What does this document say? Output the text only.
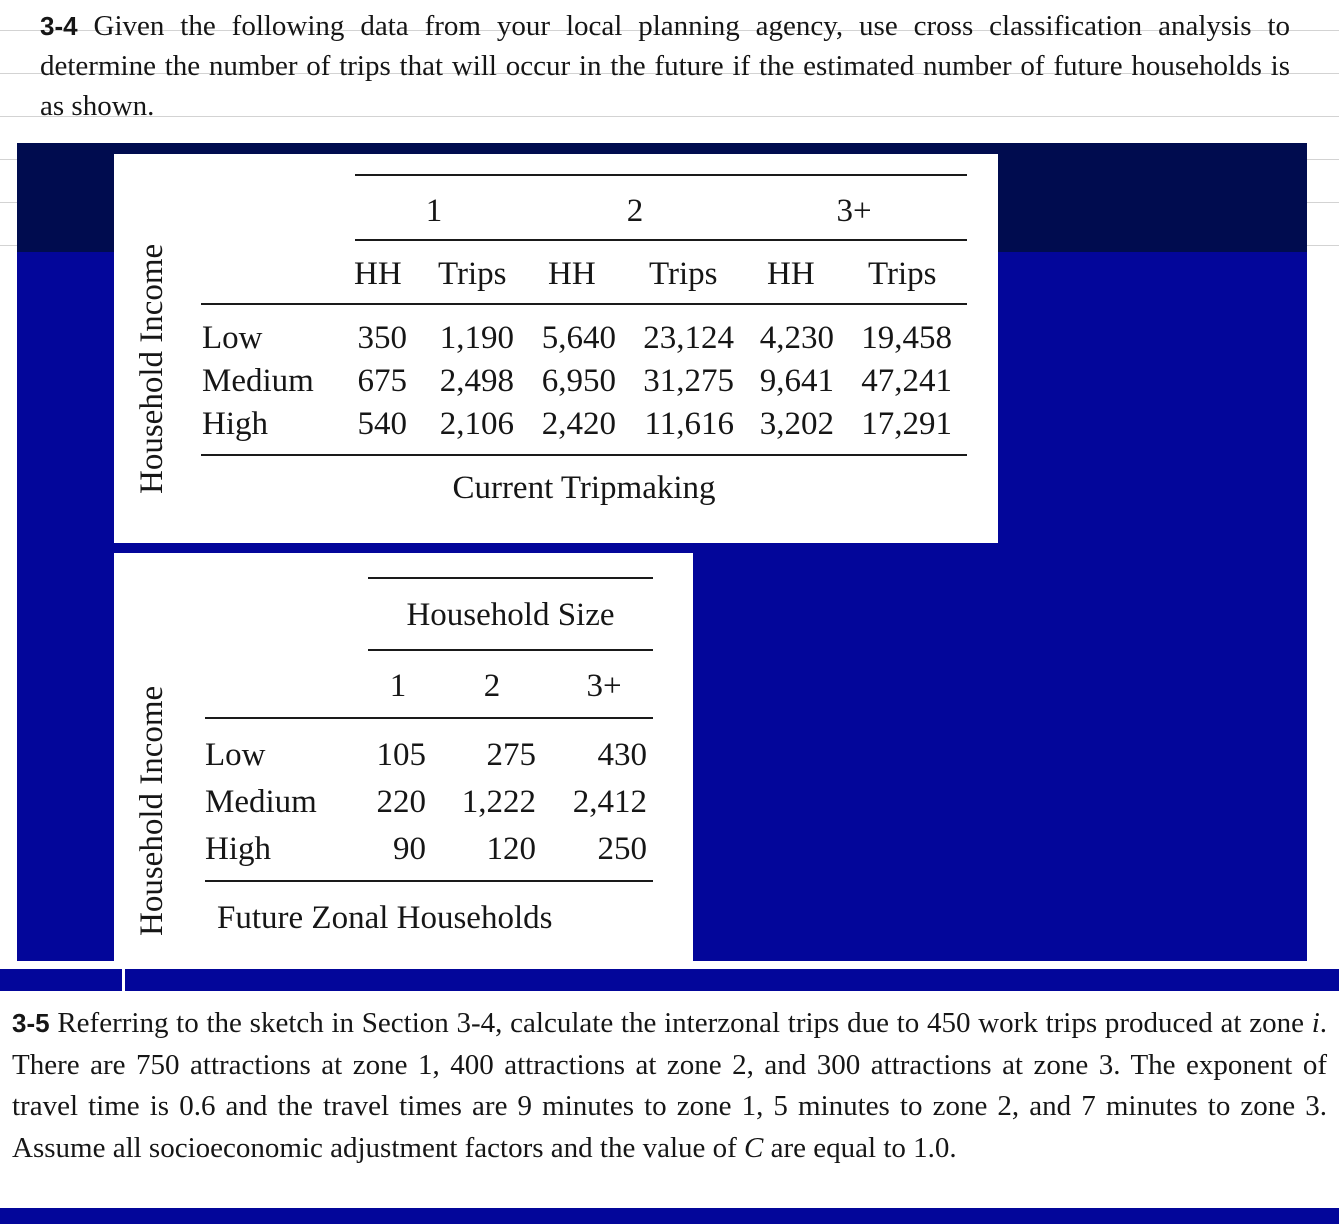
3-4 Given the following data from your local planning agency, use cross classification analysis to determine the number of trips that will occur in the future if the estimated number of future households is as shown.
Household Income
1	2	3+
HH Trips HH Trips HH Trips
Low	350 1,190 5,640 23,124 4,230 19,458
Medium	675 2,498 6,950 31,275 9,641 47,241
High	540 2,106 2,420 11,616 3,202 17,291
Current Tripmaking
Household Income
Household Size
1	2	3+
Low	105	275	430
Medium	220	1,222	2,412
High	90	120	250
Future Zonal Households
3-5 Referring to the sketch in Section 3-4, calculate the interzonal trips due to 450 work trips produced at zone i. There are 750 attractions at zone 1, 400 attractions at zone 2, and 300 attractions at zone 3. The exponent of travel time is 0.6 and the travel times are 9 minutes to zone 1, 5 minutes to zone 2, and 7 minutes to zone 3. Assume all socioeconomic adjustment factors and the value of C are equal to 1.0.
